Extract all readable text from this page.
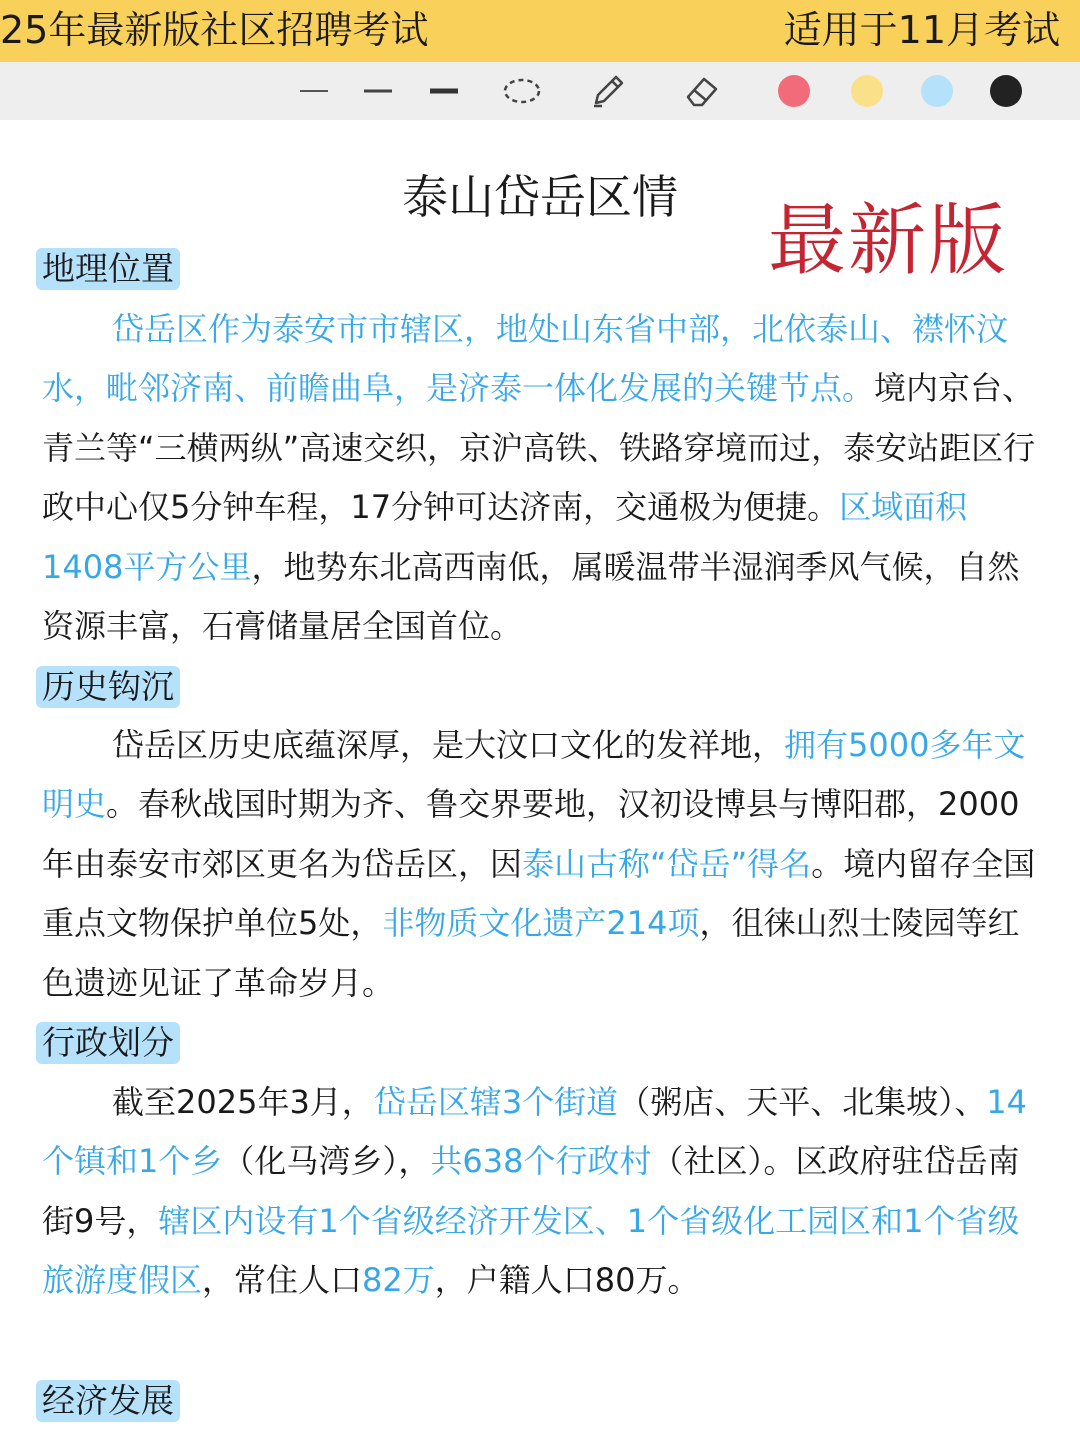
25年最新版社区招聘考试	适用于11月考试
泰山岱岳区情	最新版
地理位置

岱岳区作为泰安市市辖区，地处山东省中部，北依泰山、襟怀汶水，毗邻济南、前瞻曲阜，是济泰一体化发展的关键节点。境内京台、青兰等“三横两纵”高速交织，京沪高铁、铁路穿境而过，泰安站距区行政中心仅5分钟车程，17分钟可达济南，交通极为便捷。区域面积1408平方公里，地势东北高西南低，属暖温带半湿润季风气候，自然资源丰富，石膏储量居全国首位。

历史钩沉

岱岳区历史底蕴深厚，是大汶口文化的发祥地，拥有5000多年文明史。春秋战国时期为齐、鲁交界要地，汉初设博县与博阳郡，2000年由泰安市郊区更名为岱岳区，因泰山古称“岱岳”得名。境内留存全国重点文物保护单位5处，非物质文化遗产214项，徂徕山烈士陵园等红色遗迹见证了革命岁月。

行政划分

截至2025年3月，岱岳区辖3个街道（粥店、天平、北集坡）、14个镇和1个乡（化马湾乡），共638个行政村（社区）。区政府驻岱岳南街9号，辖区内设有1个省级经济开发区、1个省级化工园区和1个省级旅游度假区，常住人口82万，户籍人口80万。

经济发展
